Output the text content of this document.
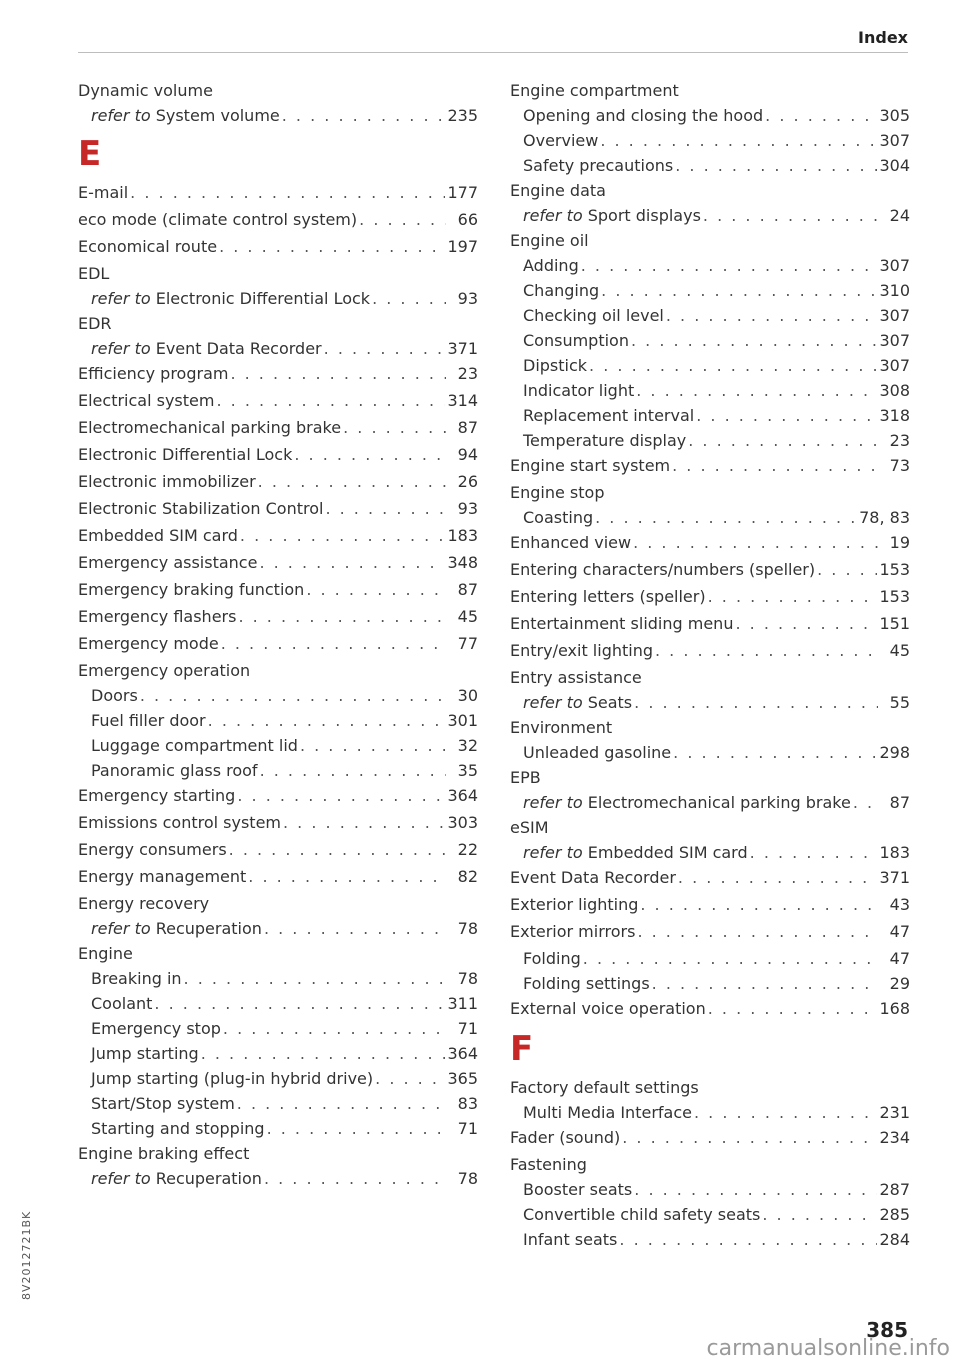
Index
Dynamic volume
refer to System volume . . .	235
E
E-mail . . .	177
eco mode (climate control system) . . .	66
Economical route . . .	197
EDL
refer to Electronic Differential Lock . . .	93
EDR
refer to Event Data Recorder . . .	371
Efficiency program . . .	23
Electrical system . . .	314
Electromechanical parking brake . . .	87
Electronic Differential Lock . . .	94
Electronic immobilizer . . .	26
Electronic Stabilization Control . . .	93
Embedded SIM card . . .	183
Emergency assistance . . .	348
Emergency braking function . . .	87
Emergency flashers . . .	45
Emergency mode . . .	77
Emergency operation
Doors . . .	30
Fuel filler door . . .	301
Luggage compartment lid . . .	32
Panoramic glass roof . . .	35
Emergency starting . . .	364
Emissions control system . . .	303
Energy consumers . . .	22
Energy management . . .	82
Energy recovery
refer to Recuperation . . .	78
Engine
Breaking in . . .	78
Coolant . . .	311
Emergency stop . . .	71
Jump starting . . .	364
Jump starting (plug-in hybrid drive) . . .	365
Start/Stop system . . .	83
Starting and stopping . . .	71
Engine braking effect
refer to Recuperation . . .	78
Engine compartment
Opening and closing the hood . . .	305
Overview . . .	307
Safety precautions . . .	304
Engine data
refer to Sport displays . . .	24
Engine oil
Adding . . .	307
Changing . . .	310
Checking oil level . . .	307
Consumption . . .	307
Dipstick . . .	307
Indicator light . . .	308
Replacement interval . . .	318
Temperature display . . .	23
Engine start system . . .	73
Engine stop
Coasting . . .	78, 83
Enhanced view . . .	19
Entering characters/numbers (speller) . . .	153
Entering letters (speller) . . .	153
Entertainment sliding menu . . .	151
Entry/exit lighting . . .	45
Entry assistance
refer to Seats . . .	55
Environment
Unleaded gasoline . . .	298
EPB
refer to Electromechanical parking brake . . .	87
eSIM
refer to Embedded SIM card . . .	183
Event Data Recorder . . .	371
Exterior lighting . . .	43
Exterior mirrors . . .	47
Folding . . .	47
Folding settings . . .	29
External voice operation . . .	168
F
Factory default settings
Multi Media Interface . . .	231
Fader (sound) . . .	234
Fastening
Booster seats . . .	287
Convertible child safety seats . . .	285
Infant seats . . .	284
8V2012721BK
385
carmanualsonline.info
